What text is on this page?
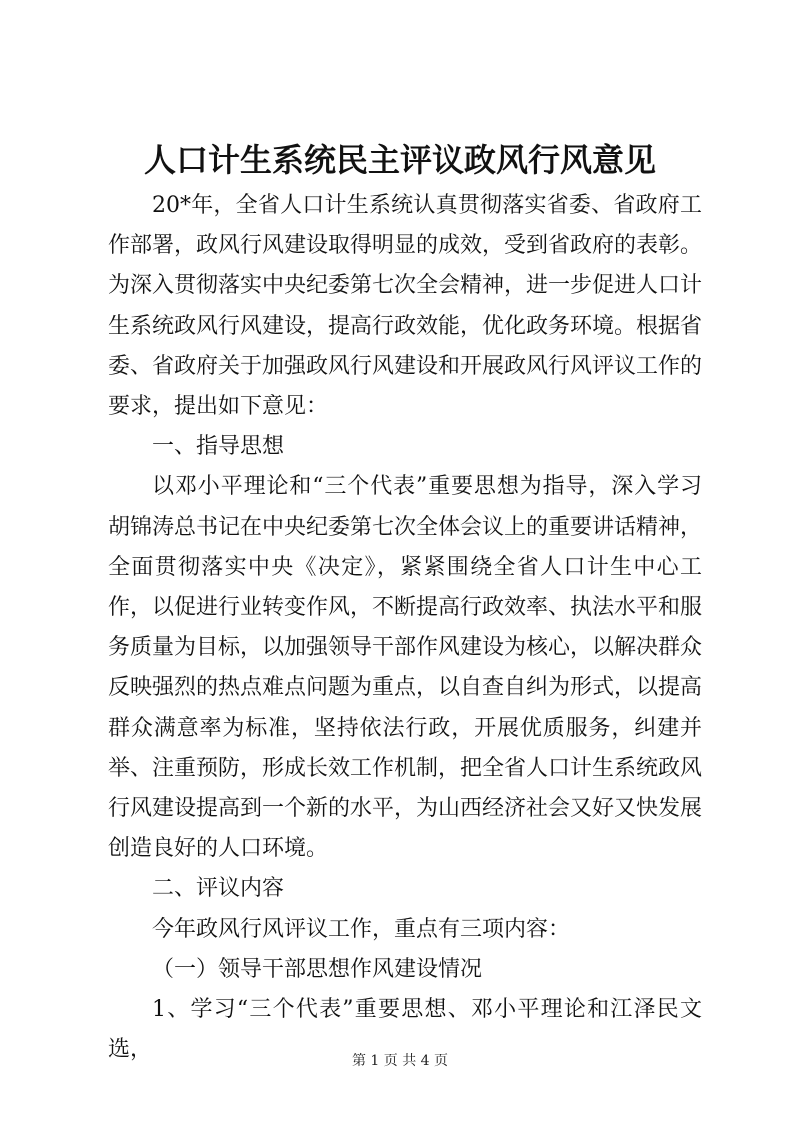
人口计生系统民主评议政风行风意见

20*年，全省人口计生系统认真贯彻落实省委、省政府工作部署，政风行风建设取得明显的成效，受到省政府的表彰。为深入贯彻落实中央纪委第七次全会精神，进一步促进人口计生系统政风行风建设，提高行政效能，优化政务环境。根据省委、省政府关于加强政风行风建设和开展政风行风评议工作的要求，提出如下意见：

一、指导思想

以邓小平理论和“三个代表”重要思想为指导，深入学习胡锦涛总书记在中央纪委第七次全体会议上的重要讲话精神，全面贯彻落实中央《决定》，紧紧围绕全省人口计生中心工作，以促进行业转变作风，不断提高行政效率、执法水平和服务质量为目标，以加强领导干部作风建设为核心，以解决群众反映强烈的热点难点问题为重点，以自查自纠为形式，以提高群众满意率为标准，坚持依法行政，开展优质服务，纠建并举、注重预防，形成长效工作机制，把全省人口计生系统政风行风建设提高到一个新的水平，为山西经济社会又好又快发展创造良好的人口环境。

二、评议内容

今年政风行风评议工作，重点有三项内容：

（一）领导干部思想作风建设情况

1、学习“三个代表”重要思想、邓小平理论和江泽民文选，	第 1 页 共 4 页
